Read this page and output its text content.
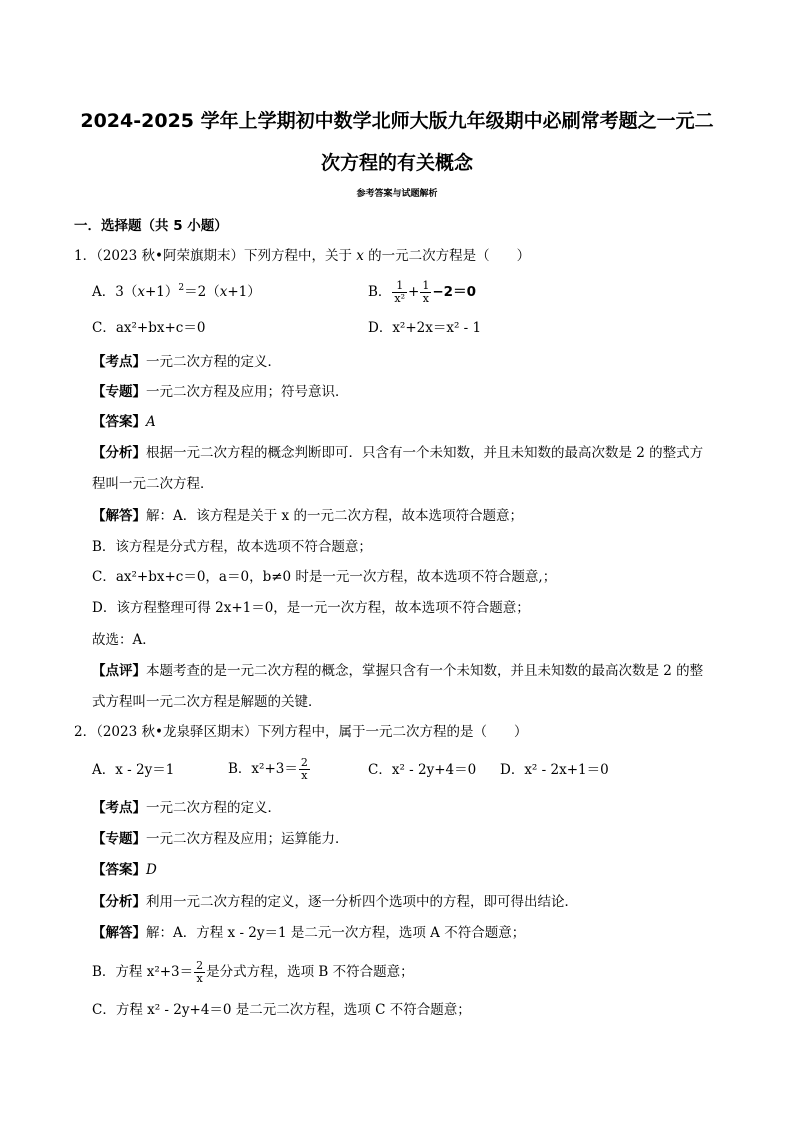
2024-2025 学年上学期初中数学北师大版九年级期中必刷常考题之一元二
次方程的有关概念
参考答案与试题解析
一．选择题（共 5 小题）
1．（2023 秋•阿荣旗期末）下列方程中，关于 x 的一元二次方程是（　　）
A．$3(x+1)^2=2(x+1)$	B． $\frac{1}{\text{x²}} + \frac{1}{x} -2=0$
C．ax²+bx+c＝0	D．x²+2x＝x² - 1
【考点】一元二次方程的定义．
【专题】一元二次方程及应用；符号意识．
【答案】A
【分析】根据一元二次方程的概念判断即可．只含有一个未知数，并且未知数的最高次数是 2 的整式方
程叫一元二次方程．
【解答】解：A．该方程是关于 x 的一元二次方程，故本选项符合题意；
B．该方程是分式方程，故本选项不符合题意；
C．ax²+bx+c＝0，a＝0，b≠0 时是一元一次方程，故本选项不符合题意,；
D．该方程整理可得 2x+1＝0，是一元一次方程，故本选项不符合题意；
故选：A．
【点评】本题考查的是一元二次方程的概念，掌握只含有一个未知数，并且未知数的最高次数是 2 的整
式方程叫一元二次方程是解题的关键．
2．（2023 秋•龙泉驿区期末）下列方程中，属于一元二次方程的是（　　）
A．x - 2y＝1	B．$x^2+3= \frac{2}{x}$	C．x² - 2y+4＝0 D．x² - 2x+1＝0
【考点】一元二次方程的定义．
【专题】一元二次方程及应用；运算能力．
【答案】D
【分析】利用一元二次方程的定义，逐一分析四个选项中的方程，即可得出结论．
【解答】解：A．方程 x - 2y＝1 是二元一次方程，选项 A 不符合题意；
B．方程 $x^2+3= \frac{2}{x}$ 是分式方程，选项 B 不符合题意；
C．方程 x² - 2y+4＝0 是二元二次方程，选项 C 不符合题意；
